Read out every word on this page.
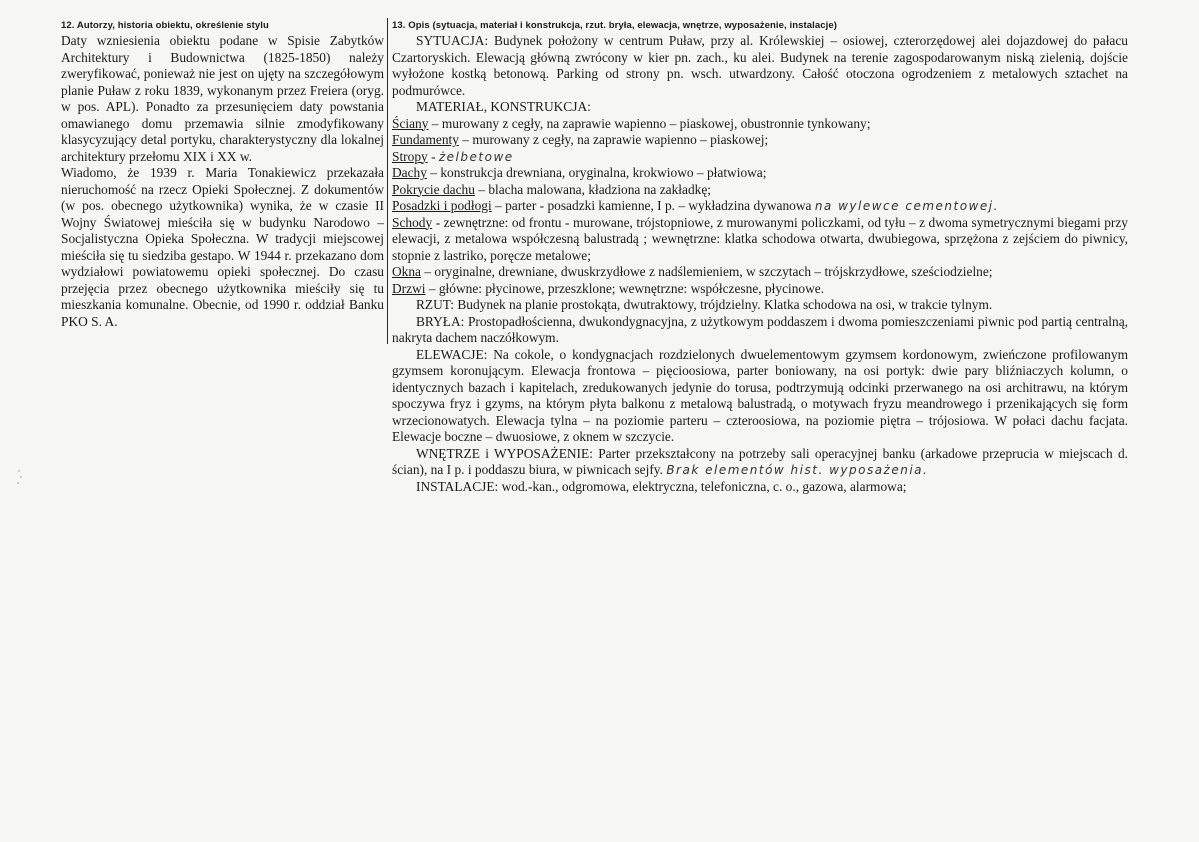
12. Autorzy, historia obiektu, określenie stylu

Daty wzniesienia obiektu podane w Spisie Zabytków Architektury i Budownictwa (1825-1850) należy zweryfikować, ponieważ nie jest on ujęty na szczegółowym planie Puław z roku 1839, wykonanym przez Freiera (oryg. w pos. APL). Ponadto za przesunięciem daty powstania omawianego domu przemawia silnie zmodyfikowany klasycyzujący detal portyku, charakterystyczny dla lokalnej architektury przełomu XIX i XX w.

Wiadomo, że 1939 r. Maria Tonakiewicz przekazała nieruchomość na rzecz Opieki Społecznej. Z dokumentów (w pos. obecnego użytkownika) wynika, że w czasie II Wojny Światowej mieściła się w budynku Narodowo – Socjalistyczna Opieka Społeczna. W tradycji miejscowej mieściła się tu siedziba gestapo. W 1944 r. przekazano dom wydziałowi powiatowemu opieki społecznej. Do czasu przejęcia przez obecnego użytkownika mieściły się tu mieszkania komunalne. Obecnie, od 1990 r. oddział Banku PKO S. A.

13. Opis (sytuacja, materiał i konstrukcja, rzut. bryła, elewacja, wnętrze, wyposażenie, instalacje)

SYTUACJA: Budynek położony w centrum Puław, przy al. Królewskiej – osiowej, czterorzędowej alei dojazdowej do pałacu Czartoryskich. Elewacją główną zwrócony w kier pn. zach., ku alei. Budynek na terenie zagospodarowanym niską zielenią, dojście wyłożone kostką betonową. Parking od strony pn. wsch. utwardzony. Całość otoczona ogrodzeniem z metalowych sztachet na podmurówce.

MATERIAŁ, KONSTRUKCJA:

Ściany – murowany z cegły, na zaprawie wapienno – piaskowej, obustronnie tynkowany;

Fundamenty – murowany z cegły, na zaprawie wapienno – piaskowej;

Stropy - żelbetowe

Dachy – konstrukcja drewniana, oryginalna, krokwiowo – płatwiowa;

Pokrycie dachu – blacha malowana, kładziona na zakładkę;

Posadzki i podłogi – parter - posadzki kamienne, I p. – wykładzina dywanowa na wylewce cementowej.

Schody - zewnętrzne: od frontu - murowane, trójstopniowe, z murowanymi policzkami, od tyłu – z dwoma symetrycznymi biegami przy elewacji, z metalowa współczesną balustradą ; wewnętrzne: klatka schodowa otwarta, dwubiegowa, sprzężona z zejściem do piwnicy, stopnie z lastriko, poręcze metalowe;

Okna – oryginalne, drewniane, dwuskrzydłowe z nadślemieniem, w szczytach – trójskrzydłowe, sześciodzielne;

Drzwi – główne: płycinowe, przeszklone; wewnętrzne: współczesne, płycinowe.

RZUT: Budynek na planie prostokąta, dwutraktowy, trójdzielny. Klatka schodowa na osi, w trakcie tylnym.

BRYŁA: Prostopadłościenna, dwukondygnacyjna, z użytkowym poddaszem i dwoma pomieszczeniami piwnic pod partią centralną, nakryta dachem naczółkowym.

ELEWACJE: Na cokole, o kondygnacjach rozdzielonych dwuelementowym gzymsem kordonowym, zwieńczone profilowanym gzymsem koronującym. Elewacja frontowa – pięcioosiowa, parter boniowany, na osi portyk: dwie pary bliźniaczych kolumn, o identycznych bazach i kapitelach, zredukowanych jedynie do torusa, podtrzymują odcinki przerwanego na osi architrawu, na którym spoczywa fryz i gzyms, na którym płyta balkonu z metalową balustradą, o motywach fryzu meandrowego i przenikających się form wrzecionowatych. Elewacja tylna – na poziomie parteru – czteroosiowa, na poziomie piętra – trójosiowa. W połaci dachu facjata. Elewacje boczne – dwuosiowe, z oknem w szczycie.

WNĘTRZE i WYPOSAŻENIE: Parter przekształcony na potrzeby sali operacyjnej banku (arkadowe przeprucia w miejscach d. ścian), na I p. i poddaszu biura, w piwnicach sejfy. Brak elementów hist. wyposażenia.

INSTALACJE: wod.-kan., odgromowa, elektryczna, telefoniczna, c. o., gazowa, alarmowa;
